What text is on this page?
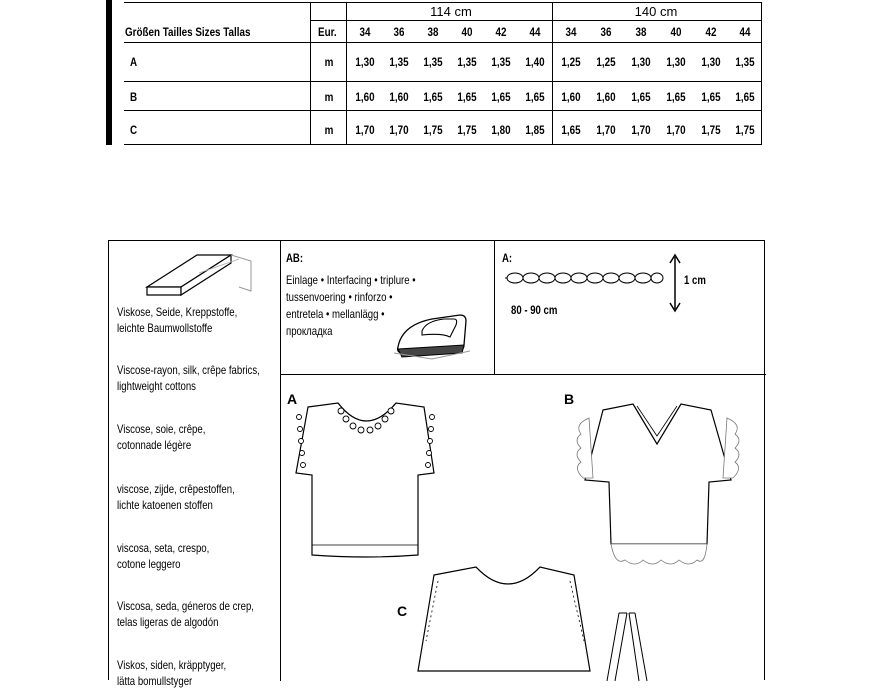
114 cm	140 cm
Größen Tailles Sizes Tallas	Eur.	34	36	38	40	42	44	34	36	38	40	42	44
A	m	1,30	1,35	1,35	1,35	1,35	1,40	1,25	1,25	1,30	1,30	1,30	1,35
B	m	1,60	1,60	1,65	1,65	1,65	1,65	1,60	1,60	1,65	1,65	1,65	1,65
C	m	1,70	1,70	1,75	1,75	1,80	1,85	1,65	1,70	1,70	1,70	1,75	1,75
Viskose, Seide, Kreppstoffe,
leichte Baumwollstoffe
Viscose-rayon, silk, crêpe fabrics,
lightweight cottons
Viscose, soie, crêpe,
cotonnade légère
viscose, zijde, crêpestoffen,
lichte katoenen stoffen
viscosa, seta, crespo,
cotone leggero
Viscosa, seda, géneros de crep,
telas ligeras de algodón
Viskos, siden, kräpptyger,
lätta bomullstyger
AB:
Einlage • Interfacing • triplure •
tussenvoering • rinforzo •
entretela • mellanlägg •
прокладка
A:
1 cm
80 - 90 cm
A	B
C
